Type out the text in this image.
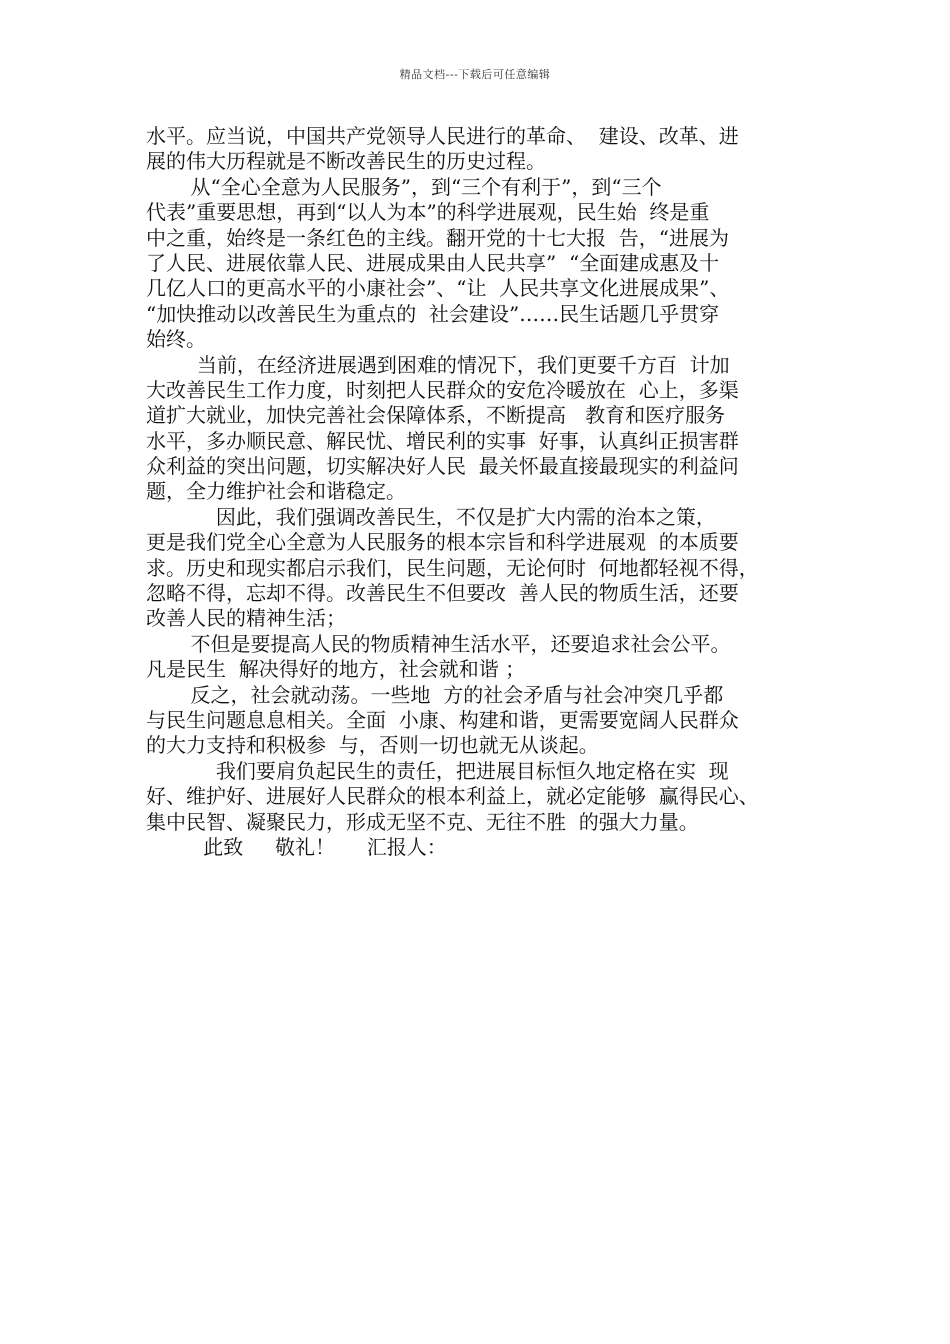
精品文档---下载后可任意编辑
水平。应当说，中国共产党领导人民进行的革命、  建设、改革、进
展的伟大历程就是不断改善民生的历史过程。
从“全心全意为人民服务”，到“三个有利于”，到“三个
代表”重要思想，再到“以人为本”的科学进展观，民生始  终是重
中之重，始终是一条红色的主线。翻开党的十七大报  告，“进展为
了人民、进展依靠人民、进展成果由人民共享”  “全面建成惠及十
几亿人口的更高水平的小康社会”、“让  人民共享文化进展成果”、
“加快推动以改善民生为重点的  社会建设”……民生话题几乎贯穿
始终。
当前，在经济进展遇到困难的情况下，我们更要千方百  计加
大改善民生工作力度，时刻把人民群众的安危冷暖放在  心上，多渠
道扩大就业，加快完善社会保障体系，不断提高   教育和医疗服务
水平，多办顺民意、解民忧、增民利的实事  好事，认真纠正损害群
众利益的突出问题，切实解决好人民  最关怀最直接最现实的利益问
题，全力维护社会和谐稳定。
因此，我们强调改善民生，不仅是扩大内需的治本之策，
更是我们党全心全意为人民服务的根本宗旨和科学进展观  的本质要
求。历史和现实都启示我们，民生问题，无论何时  何地都轻视不得，
忽略不得，忘却不得。改善民生不但要改  善人民的物质生活，还要
改善人民的精神生活；
不但是要提高人民的物质精神生活水平，还要追求社会公平。
凡是民生  解决得好的地方，社会就和谐 ；
反之，社会就动荡。一些地  方的社会矛盾与社会冲突几乎都
与民生问题息息相关。全面  小康、构建和谐，更需要宽阔人民群众
的大力支持和积极参  与，否则一切也就无从谈起。
我们要肩负起民生的责任，把进展目标恒久地定格在实  现
好、维护好、进展好人民群众的根本利益上，就必定能够  赢得民心、
集中民智、凝聚民力，形成无坚不克、无往不胜  的强大力量。
此致     敬礼！     汇报人：
